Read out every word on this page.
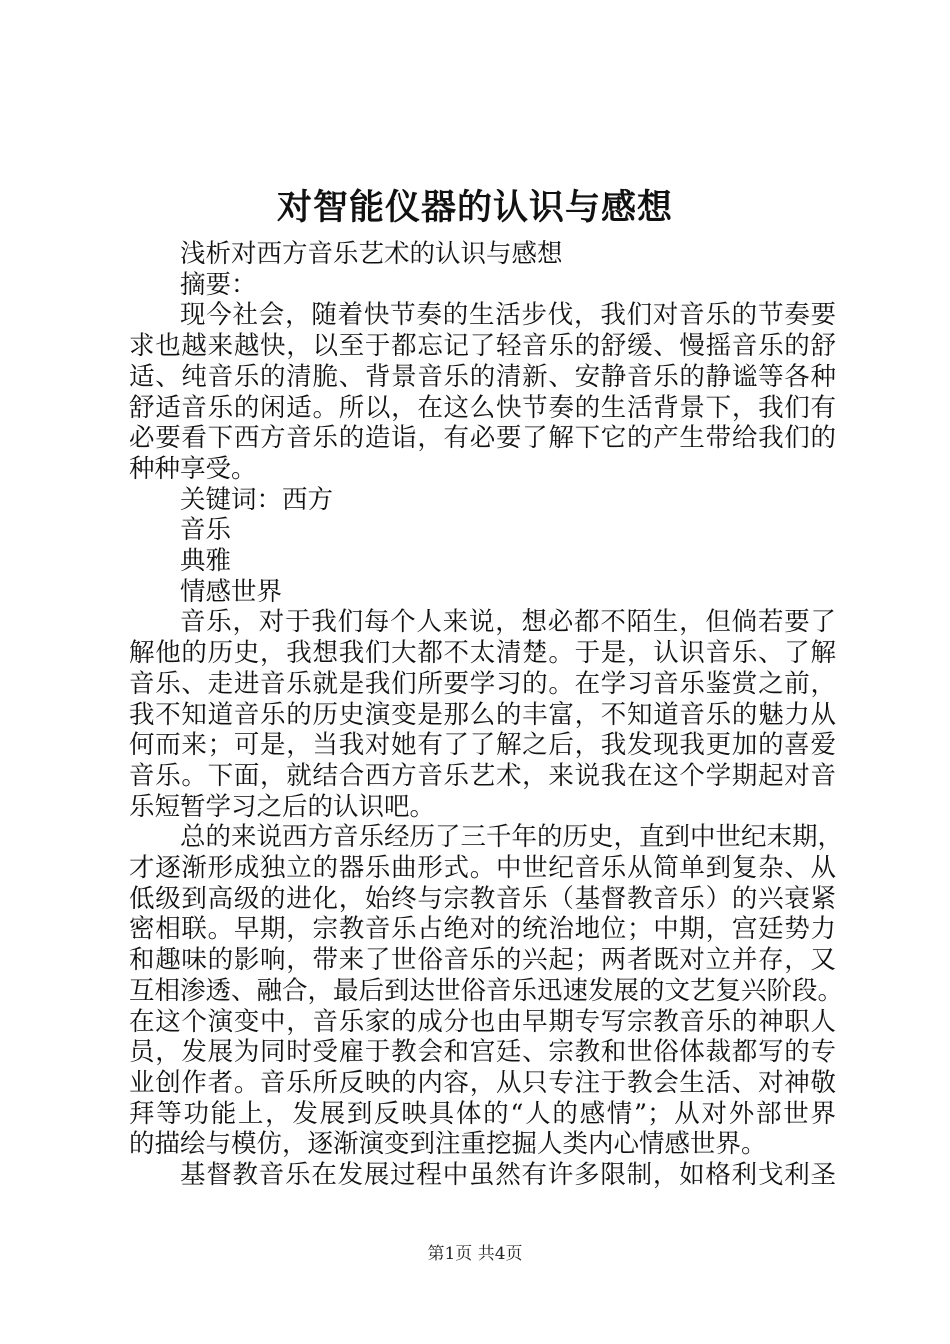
对智能仪器的认识与感想
浅析对西方音乐艺术的认识与感想
摘要：
现今社会，随着快节奏的生活步伐，我们对音乐的节奏要
求也越来越快，以至于都忘记了轻音乐的舒缓、慢摇音乐的舒
适、纯音乐的清脆、背景音乐的清新、安静音乐的静谧等各种
舒适音乐的闲适。所以，在这么快节奏的生活背景下，我们有
必要看下西方音乐的造诣，有必要了解下它的产生带给我们的
种种享受。
关键词：西方
音乐
典雅
情感世界
音乐，对于我们每个人来说，想必都不陌生，但倘若要了
解他的历史，我想我们大都不太清楚。于是，认识音乐、了解
音乐、走进音乐就是我们所要学习的。在学习音乐鉴赏之前，
我不知道音乐的历史演变是那么的丰富，不知道音乐的魅力从
何而来；可是，当我对她有了了解之后，我发现我更加的喜爱
音乐。下面，就结合西方音乐艺术，来说我在这个学期起对音
乐短暂学习之后的认识吧。
总的来说西方音乐经历了三千年的历史，直到中世纪末期，
才逐渐形成独立的器乐曲形式。中世纪音乐从简单到复杂、从
低级到高级的进化，始终与宗教音乐（基督教音乐）的兴衰紧
密相联。早期，宗教音乐占绝对的统治地位；中期，宫廷势力
和趣味的影响，带来了世俗音乐的兴起；两者既对立并存，又
互相渗透、融合，最后到达世俗音乐迅速发展的文艺复兴阶段。
在这个演变中，音乐家的成分也由早期专写宗教音乐的神职人
员，发展为同时受雇于教会和宫廷、宗教和世俗体裁都写的专
业创作者。音乐所反映的内容，从只专注于教会生活、对神敬
拜等功能上，发展到反映具体的“人的感情”；从对外部世界
的描绘与模仿，逐渐演变到注重挖掘人类内心情感世界。
基督教音乐在发展过程中虽然有许多限制，如格利戈利圣
第1页 共4页
